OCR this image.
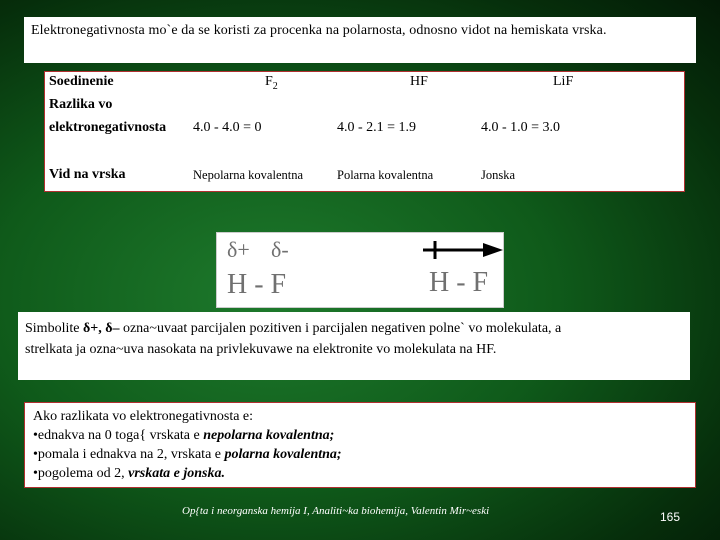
Elektronegativnosta mo`e da se koristi za procenka na polarnosta, odnosno vidot na hemiskata vrska.
Soedinenie	$F_2$	HF	LiF
Razlika vo
elektronegativnosta 4.0 - 4.0 = 0	4.0 - 2.1 = 1.9	4.0 - 1.0 = 3.0
Vid na vrska	Nepolarna kovalentna	Polarna kovalentna	Jonska
δ+ δ-
H - F	H - F
Simbolite δ+, δ– ozna~uvaat parcijalen pozitiven i parcijalen negativen polne` vo molekulata, a
strelkata ja ozna~uva nasokata na privlekuvawe na elektronite vo molekulata na HF.
Ako razlikata vo elektronegativnosta e:
•ednakva na 0 toga{ vrskata e nepolarna kovalentna;
•pomala i ednakva na 2, vrskata e polarna kovalentna;
•pogolema od 2, vrskata e jonska.
Op{ta i neorganska hemija I, Analiti~ka biohemija, Valentin Mir~eski	165
